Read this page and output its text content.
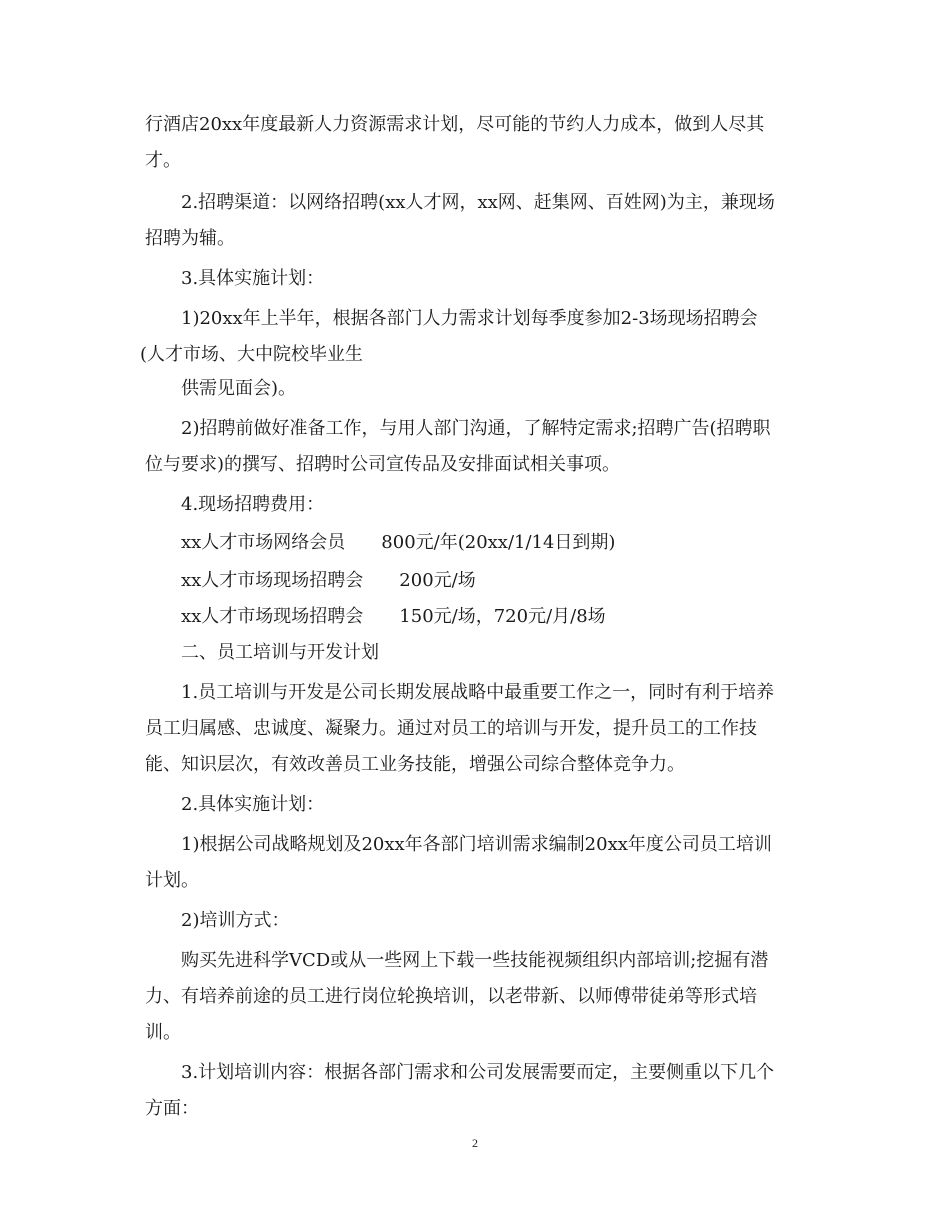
行酒店20xx年度最新人力资源需求计划，尽可能的节约人力成本，做到人尽其
才。
2.招聘渠道：以网络招聘(xx人才网，xx网、赶集网、百姓网)为主，兼现场
招聘为辅。
3.具体实施计划：
1)20xx年上半年，根据各部门人力需求计划每季度参加2-3场现场招聘会
(人才市场、大中院校毕业生
供需见面会)。
2)招聘前做好准备工作，与用人部门沟通，了解特定需求;招聘广告(招聘职
位与要求)的撰写、招聘时公司宣传品及安排面试相关事项。
4.现场招聘费用：
xx人才市场网络会员　　800元/年(20xx/1/14日到期)
xx人才市场现场招聘会　　200元/场
xx人才市场现场招聘会　　150元/场，720元/月/8场
二、员工培训与开发计划
1.员工培训与开发是公司长期发展战略中最重要工作之一，同时有利于培养
员工归属感、忠诚度、凝聚力。通过对员工的培训与开发，提升员工的工作技
能、知识层次，有效改善员工业务技能，增强公司综合整体竞争力。
2.具体实施计划：
1)根据公司战略规划及20xx年各部门培训需求编制20xx年度公司员工培训
计划。
2)培训方式：
购买先进科学VCD或从一些网上下载一些技能视频组织内部培训;挖掘有潜
力、有培养前途的员工进行岗位轮换培训，以老带新、以师傅带徒弟等形式培
训。
3.计划培训内容：根据各部门需求和公司发展需要而定，主要侧重以下几个
方面：
2
